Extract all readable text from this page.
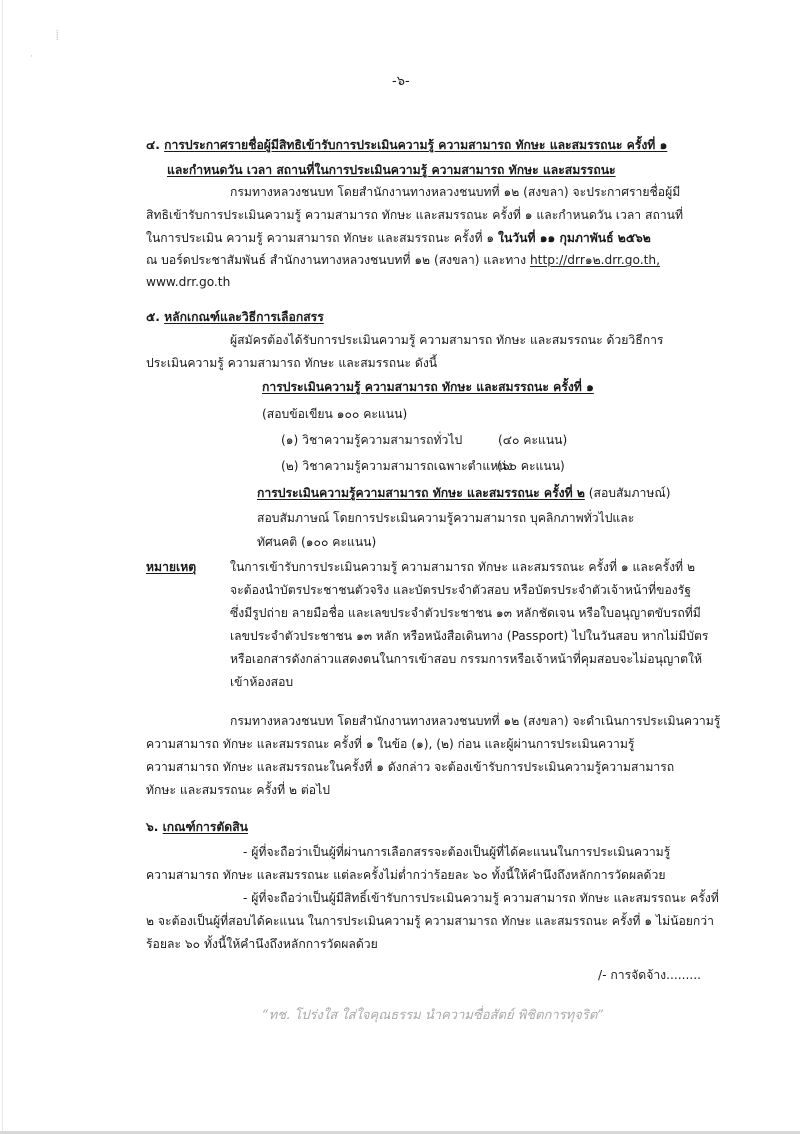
⸽
·
-๖-
๔. การประกาศรายชื่อผู้มีสิทธิเข้ารับการประเมินความรู้ ความสามารถ ทักษะ และสมรรถนะ ครั้งที่ ๑
และกำหนดวัน เวลา สถานที่ในการประเมินความรู้ ความสามารถ ทักษะ และสมรรถนะ
กรมทางหลวงชนบท โดยสำนักงานทางหลวงชนบทที่ ๑๒ (สงขลา) จะประกาศรายชื่อผู้มี
สิทธิเข้ารับการประเมินความรู้ ความสามารถ ทักษะ และสมรรถนะ ครั้งที่ ๑ และกำหนดวัน เวลา สถานที่
ในการประเมิน ความรู้ ความสามารถ ทักษะ และสมรรถนะ ครั้งที่ ๑ ในวันที่ ๑๑ กุมภาพันธ์ ๒๕๖๒
ณ บอร์ดประชาสัมพันธ์ สำนักงานทางหลวงชนบทที่ ๑๒ (สงขลา) และทาง http://drr๑๒.drr.go.th,
www.drr.go.th
๕. หลักเกณฑ์และวิธีการเลือกสรร
ผู้สมัครต้องได้รับการประเมินความรู้ ความสามารถ ทักษะ และสมรรถนะ ด้วยวิธีการ
ประเมินความรู้ ความสามารถ ทักษะ และสมรรถนะ ดังนี้
การประเมินความรู้ ความสามารถ ทักษะ และสมรรถนะ ครั้งที่ ๑
(สอบข้อเขียน ๑๐๐ คะแนน)
(๑) วิชาความรู้ความสามารถทั่วไป	(๔๐ คะแนน)
(๒) วิชาความรู้ความสามารถเฉพาะตำแหน่ง
(๖๐ คะแนน)
การประเมินความรู้ความสามารถ ทักษะ และสมรรถนะ ครั้งที่ ๒ (สอบสัมภาษณ์)
สอบสัมภาษณ์ โดยการประเมินความรู้ความสามารถ บุคลิกภาพทั่วไปและ
ทัศนคติ (๑๐๐ คะแนน)
หมายเหตุ	ในการเข้ารับการประเมินความรู้ ความสามารถ ทักษะ และสมรรถนะ ครั้งที่ ๑ และครั้งที่ ๒
จะต้องนำบัตรประชาชนตัวจริง และบัตรประจำตัวสอบ หรือบัตรประจำตัวเจ้าหน้าที่ของรัฐ
ซึ่งมีรูปถ่าย ลายมือชื่อ และเลขประจำตัวประชาชน ๑๓ หลักชัดเจน หรือใบอนุญาตขับรถที่มี
เลขประจำตัวประชาชน ๑๓ หลัก หรือหนังสือเดินทาง (Passport) ไปในวันสอบ หากไม่มีบัตร
หรือเอกสารดังกล่าวแสดงตนในการเข้าสอบ กรรมการหรือเจ้าหน้าที่คุมสอบจะไม่อนุญาตให้
เข้าห้องสอบ
กรมทางหลวงชนบท โดยสำนักงานทางหลวงชนบทที่ ๑๒ (สงขลา) จะดำเนินการประเมินความรู้
ความสามารถ ทักษะ และสมรรถนะ ครั้งที่ ๑ ในข้อ (๑), (๒) ก่อน และผู้ผ่านการประเมินความรู้
ความสามารถ ทักษะ และสมรรถนะในครั้งที่ ๑ ดังกล่าว จะต้องเข้ารับการประเมินความรู้ความสามารถ
ทักษะ และสมรรถนะ ครั้งที่ ๒ ต่อไป
๖. เกณฑ์การตัดสิน
- ผู้ที่จะถือว่าเป็นผู้ที่ผ่านการเลือกสรรจะต้องเป็นผู้ที่ได้คะแนนในการประเมินความรู้
ความสามารถ ทักษะ และสมรรถนะ แต่ละครั้งไม่ต่ำกว่าร้อยละ ๖๐ ทั้งนี้ให้คำนึงถึงหลักการวัดผลด้วย
- ผู้ที่จะถือว่าเป็นผู้มีสิทธิ์เข้ารับการประเมินความรู้ ความสามารถ ทักษะ และสมรรถนะ ครั้งที่
๒ จะต้องเป็นผู้ที่สอบได้คะแนน ในการประเมินความรู้ ความสามารถ ทักษะ และสมรรถนะ ครั้งที่ ๑ ไม่น้อยกว่า
ร้อยละ ๖๐ ทั้งนี้ให้คำนึงถึงหลักการวัดผลด้วย
/- การจัดจ้าง.........
“ทช. โปร่งใส ใส่ใจคุณธรรม นำความซื่อสัตย์ พิชิตการทุจริต”
